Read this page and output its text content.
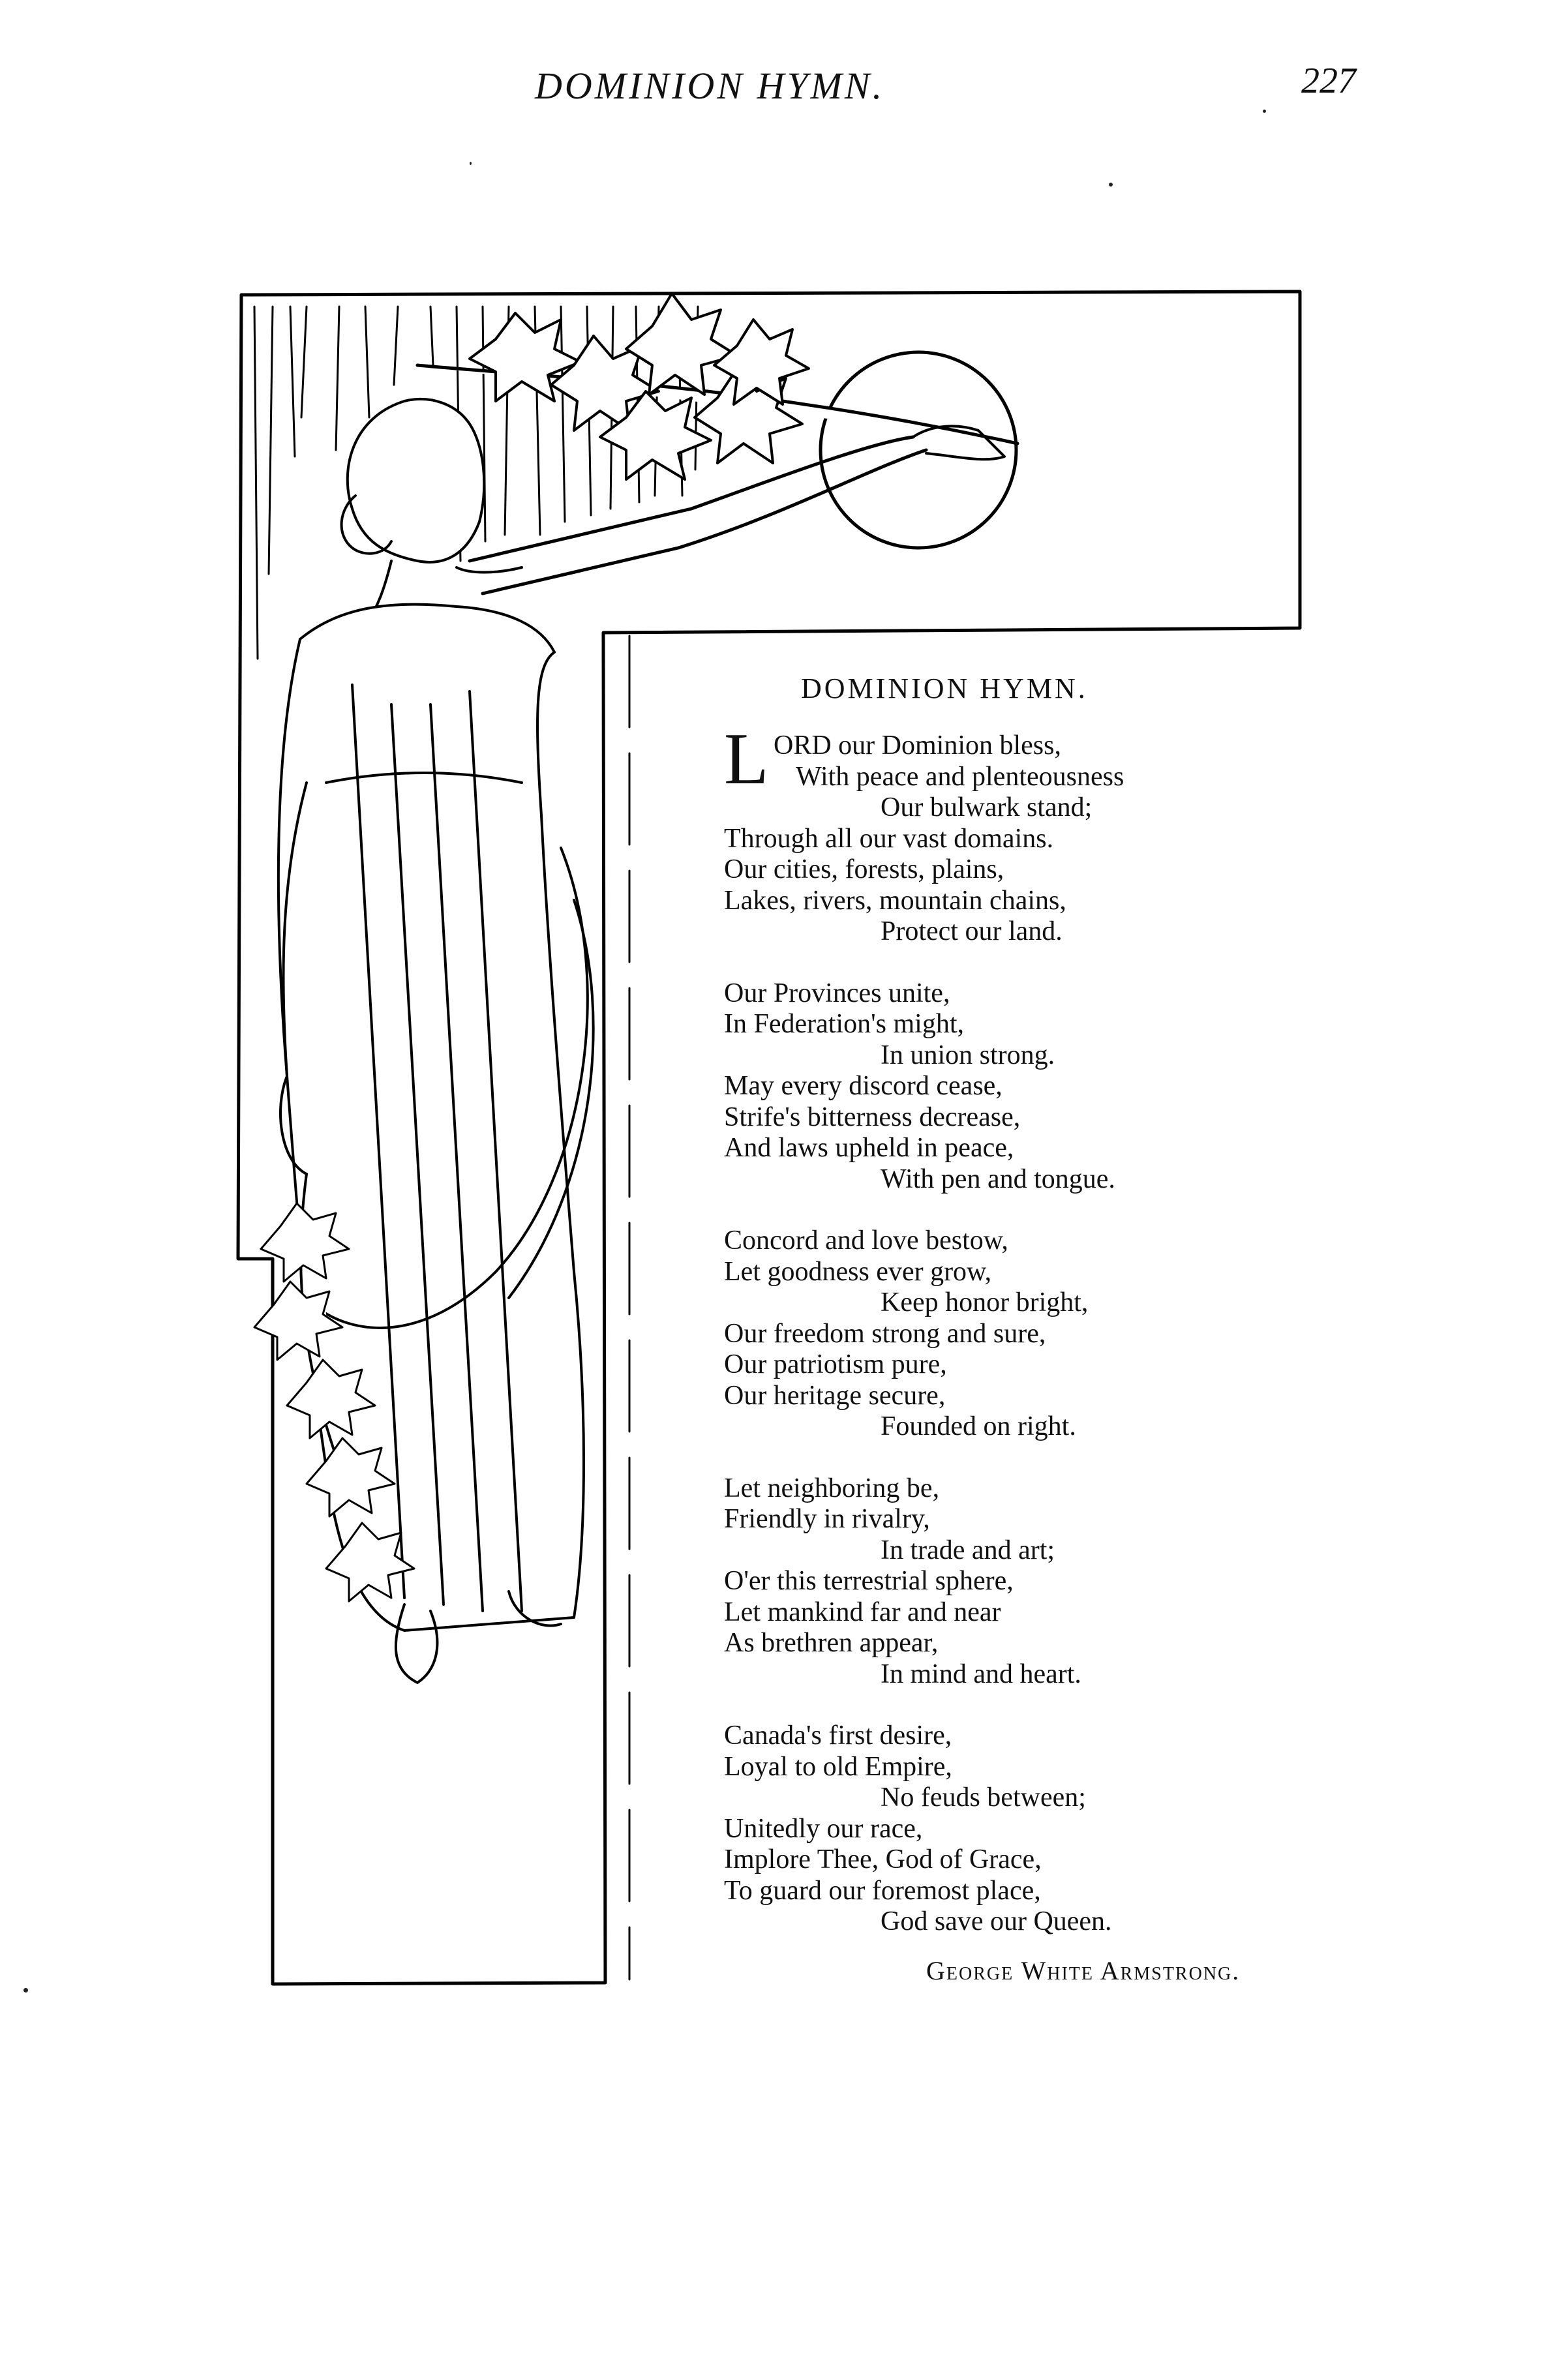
DOMINION HYMN.	227
DOMINION HYMN.
L ORD our Dominion bless,
With peace and plenteousness
Our bulwark stand;
Through all our vast domains.
Our cities, forests, plains,
Lakes, rivers, mountain chains,
Protect our land.
Our Provinces unite,
In Federation's might,
In union strong.
May every discord cease,
Strife's bitterness decrease,
And laws upheld in peace,
With pen and tongue.
Concord and love bestow,
Let goodness ever grow,
Keep honor bright,
Our freedom strong and sure,
Our patriotism pure,
Our heritage secure,
Founded on right.
Let neighboring be,
Friendly in rivalry,
In trade and art;
O'er this terrestrial sphere,
Let mankind far and near
As brethren appear,
In mind and heart.
Canada's first desire,
Loyal to old Empire,
No feuds between;
Unitedly our race,
Implore Thee, God of Grace,
To guard our foremost place,
God save our Queen.
George White Armstrong.
